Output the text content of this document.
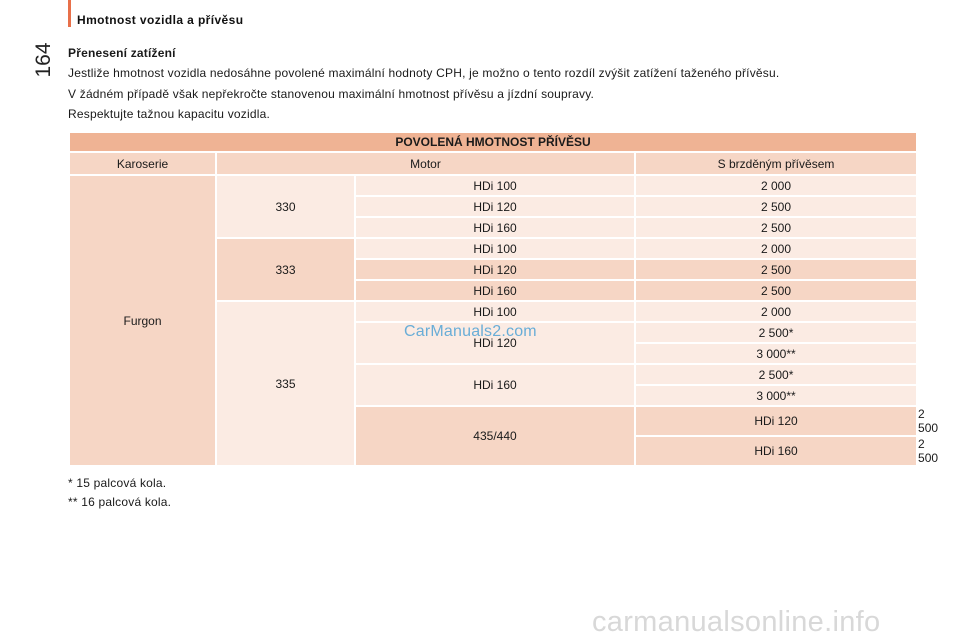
164
Hmotnost vozidla a přívěsu

Přenesení zatížení

Jestliže hmotnost vozidla nedosáhne povolené maximální hodnoty CPH, je možno o tento rozdíl zvýšit zatížení taženého přívěsu.

V žádném případě však nepřekročte stanovenou maximální hmotnost přívěsu a jízdní soupravy.

Respektujte tažnou kapacitu vozidla.

POVOLENÁ HMOTNOST PŘÍVĚSU				
Karoserie	Motor		S brzděným přívěsem	
Furgon	330	HDi 100	2 000	
		HDi 120	2 500	
		HDi 160	2 500	
	333	HDi 100	2 000	
		HDi 120	2 500	
		HDi 160	2 500	
	335	HDi 100	2 000	
		HDi 120	2 500*	
			3 000**	
		HDi 160	2 500*	
			3 000**	
		435/440	HDi 120	2 500
			HDi 160	2 500
CarManuals2.com

* 15 palcová kola.

** 16 palcová kola.

carmanualsonline.info
